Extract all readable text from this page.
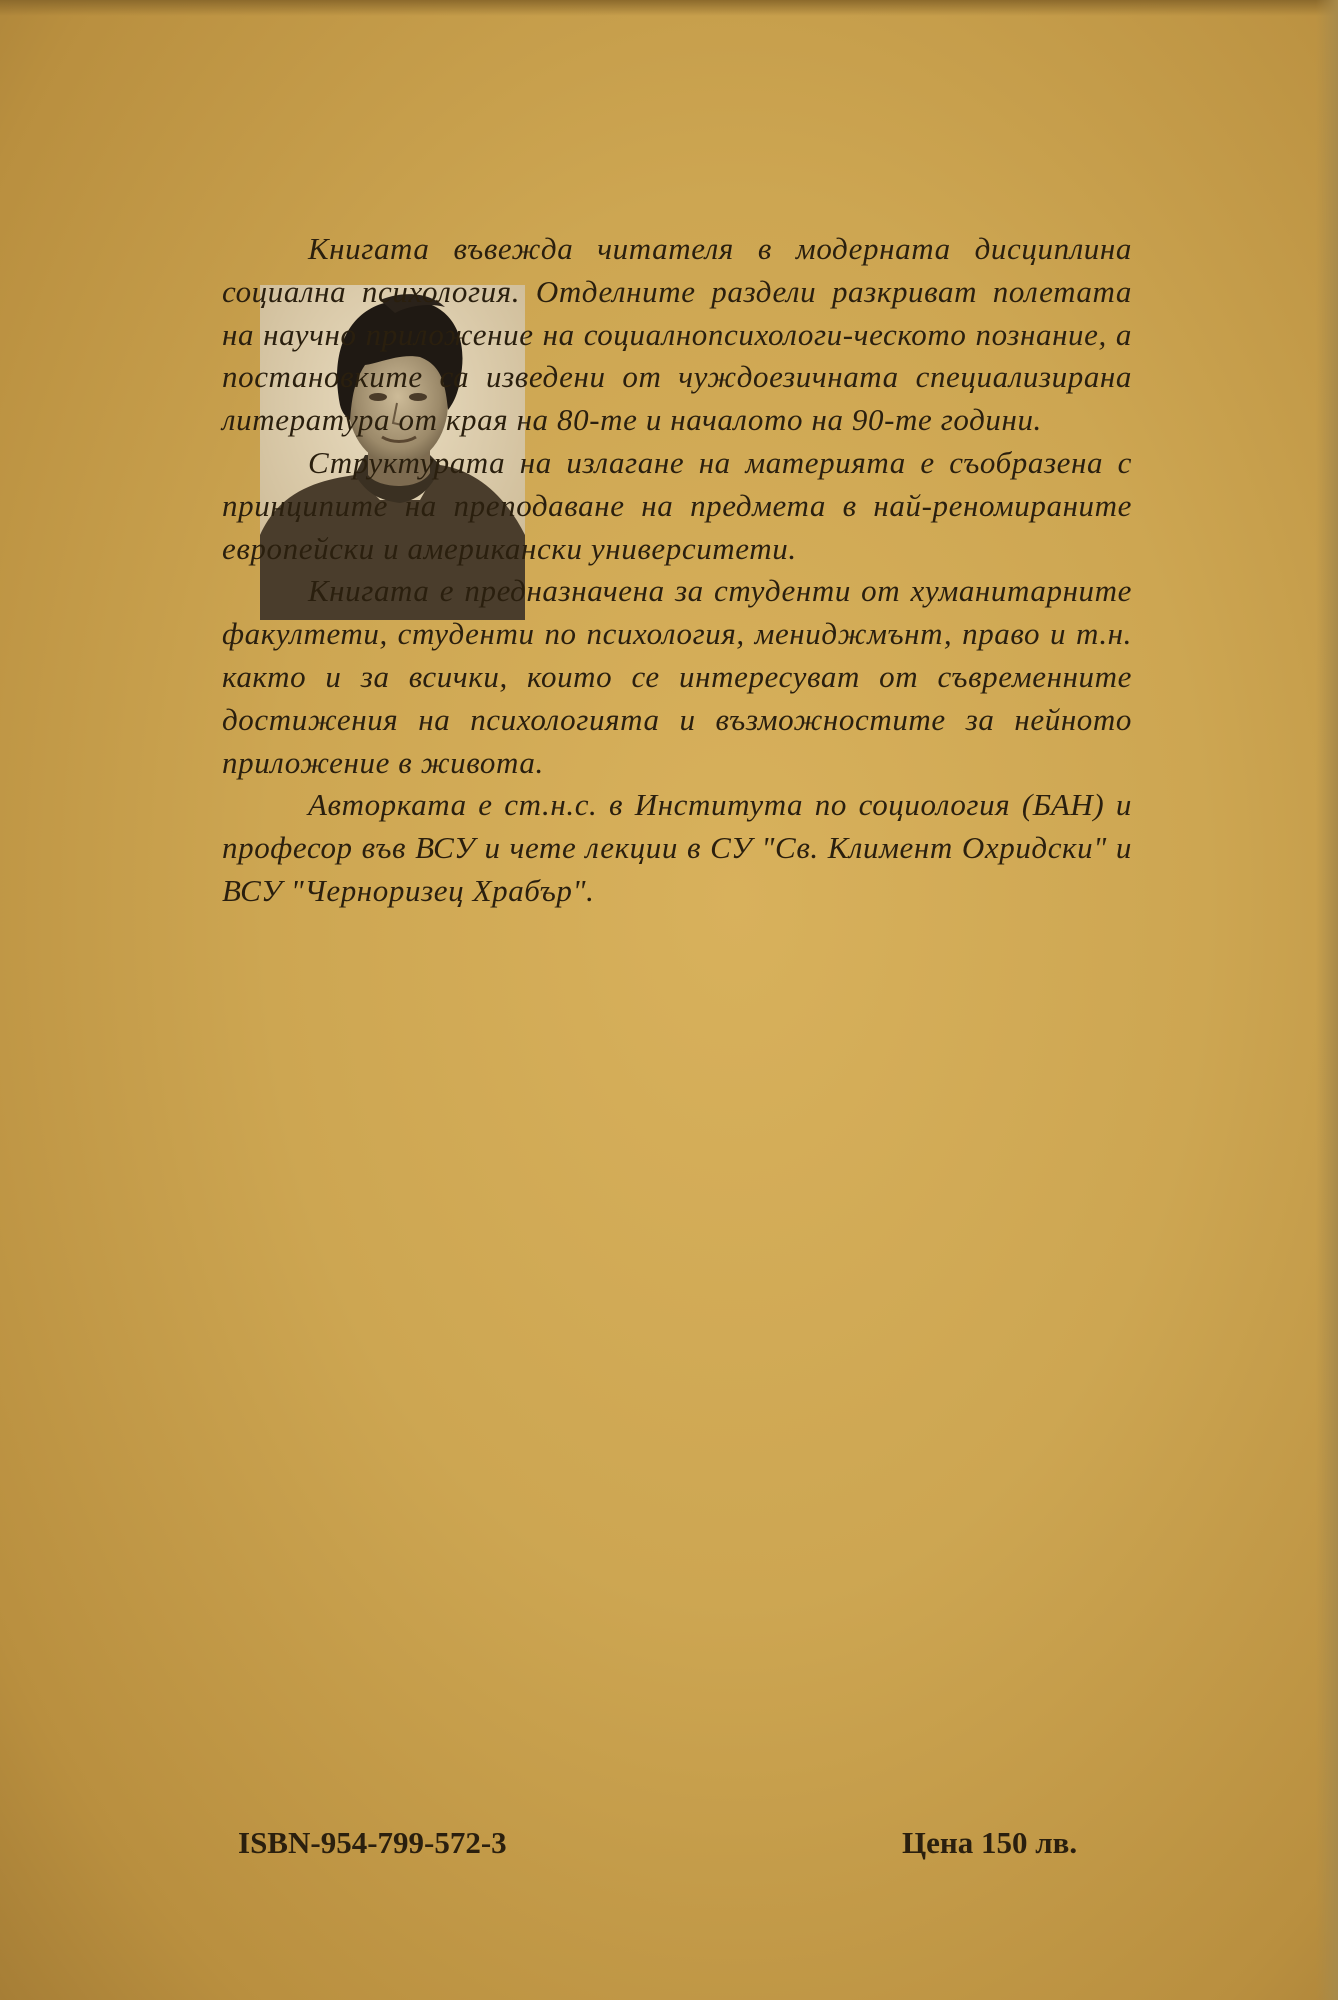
Книгата въвежда читателя в модерната дисциплина социална психология. Отделните раздели разкриват полетата на научно приложение на социалнопсихологи-ческото познание, а постановките са изведени от чуждоезичната специализирана литература от края на 80-те и началото на 90-те години.

Структурата на излагане на материята е съобразена с принципите на преподаване на предмета в най-реномираните европейски и американски университети.

Книгата е предназначена за студенти от хуманитарните факултети, студенти по психология, мениджмънт, право и т.н. както и за всички, които се интересуват от съвременните достижения на психологията и възможностите за нейното приложение в живота.

Авторката е ст.н.с. в Института по социология (БАН) и професор във ВСУ и чете лекции в СУ "Св. Климент Охридски" и ВСУ "Черноризец Храбър".

ISBN-954-799-572-3	Цена 150 лв.
